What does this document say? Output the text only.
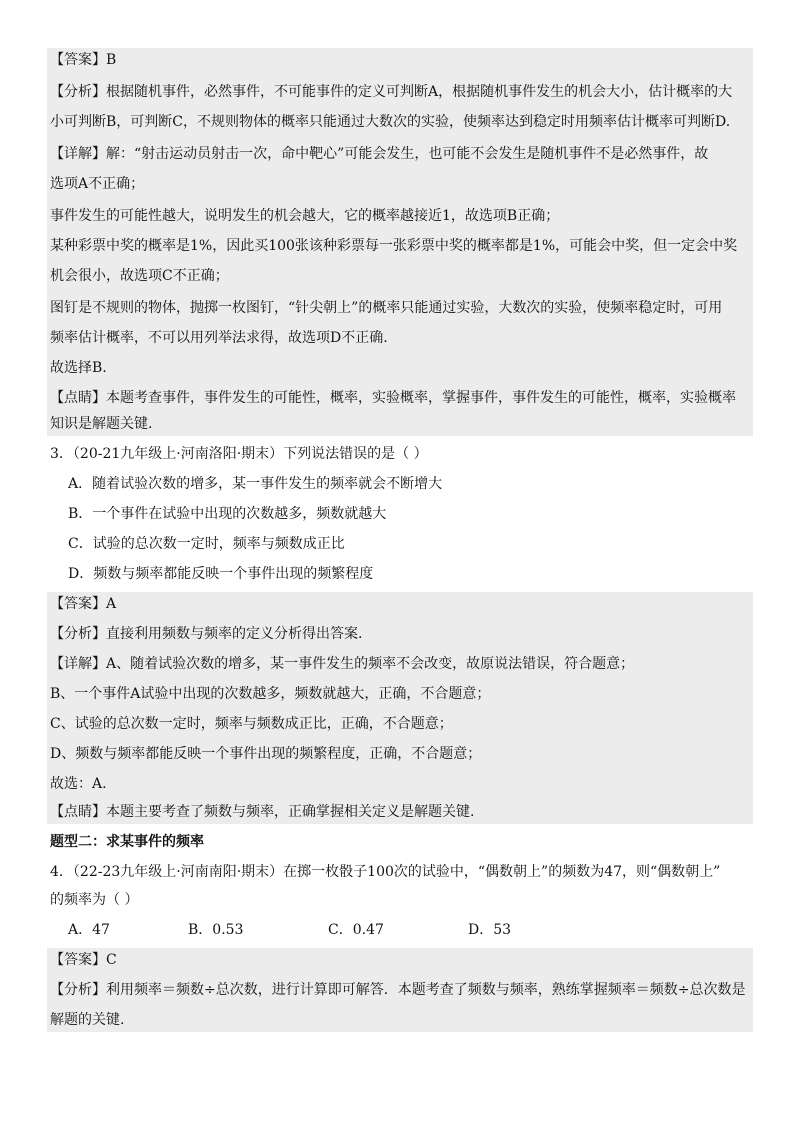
【答案】B
【分析】根据随机事件，必然事件，不可能事件的定义可判断A，根据随机事件发生的机会大小，估计概率的大
小可判断B，可判断C，不规则物体的概率只能通过大数次的实验，使频率达到稳定时用频率估计概率可判断D.
【详解】解：“射击运动员射击一次，命中靶心”可能会发生，也可能不会发生是随机事件不是必然事件，故
选项A不正确；
事件发生的可能性越大，说明发生的机会越大，它的概率越接近1，故选项B正确；
某种彩票中奖的概率是1%，因此买100张该种彩票每一张彩票中奖的概率都是1%，可能会中奖，但一定会中奖
机会很小，故选项C不正确；
图钉是不规则的物体，抛掷一枚图钉，“针尖朝上”的概率只能通过实验，大数次的实验，使频率稳定时，可用
频率估计概率，不可以用列举法求得，故选项D不正确.
故选择B.
【点睛】本题考查事件，事件发生的可能性，概率，实验概率，掌握事件，事件发生的可能性，概率，实验概率
知识是解题关键.
3．（20-21九年级上·河南洛阳·期末）下列说法错误的是（ ）
A．随着试验次数的增多，某一事件发生的频率就会不断增大
B．一个事件在试验中出现的次数越多，频数就越大
C．试验的总次数一定时，频率与频数成正比
D．频数与频率都能反映一个事件出现的频繁程度
【答案】A
【分析】直接利用频数与频率的定义分析得出答案.
【详解】A、随着试验次数的增多，某一事件发生的频率不会改变，故原说法错误，符合题意；
B、一个事件A试验中出现的次数越多，频数就越大，正确，不合题意；
C、试验的总次数一定时，频率与频数成正比，正确，不合题意；
D、频数与频率都能反映一个事件出现的频繁程度，正确，不合题意；
故选：A.
【点睛】本题主要考查了频数与频率，正确掌握相关定义是解题关键.
题型二：求某事件的频率
4．（22-23九年级上·河南南阳·期末）在掷一枚骰子100次的试验中，“偶数朝上”的频数为47，则“偶数朝上”
的频率为（ ）
A．47	B．0.53	C．0.47	D．53
【答案】C
【分析】利用频率＝频数÷总次数，进行计算即可解答．本题考查了频数与频率，熟练掌握频率＝频数÷总次数是
解题的关键.
